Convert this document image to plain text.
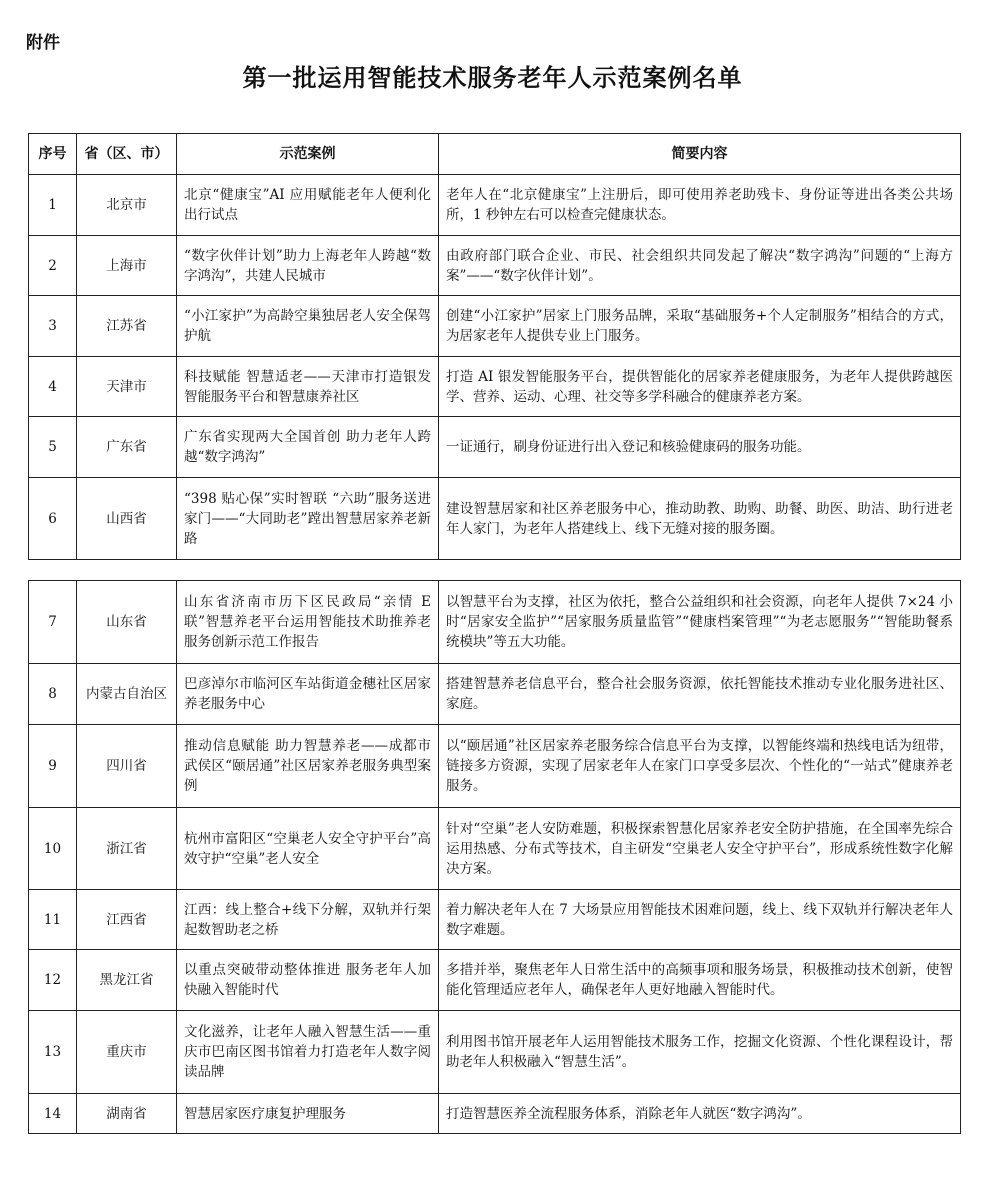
附件
第一批运用智能技术服务老年人示范案例名单
序号	省（区、市）	示范案例	简要内容
1	北京市	北京“健康宝”AI 应用赋能老年人便利化出行试点	老年人在“北京健康宝”上注册后，即可使用养老助残卡、身份证等进出各类公共场所，1 秒钟左右可以检查完健康状态。
2	上海市	“数字伙伴计划”助力上海老年人跨越“数字鸿沟”，共建人民城市	由政府部门联合企业、市民、社会组织共同发起了解决“数字鸿沟”问题的“上海方案”——“数字伙伴计划”。
3	江苏省	“小江家护”为高龄空巢独居老人安全保驾护航	创建“小江家护”居家上门服务品牌，采取“基础服务+个人定制服务”相结合的方式，为居家老年人提供专业上门服务。
4	天津市	科技赋能 智慧适老——天津市打造银发智能服务平台和智慧康养社区	打造 AI 银发智能服务平台，提供智能化的居家养老健康服务，为老年人提供跨越医学、营养、运动、心理、社交等多学科融合的健康养老方案。
5	广东省	广东省实现两大全国首创 助力老年人跨越“数字鸿沟”	一证通行，刷身份证进行出入登记和核验健康码的服务功能。
6	山西省	“398 贴心保”实时智联 “六助”服务送进家门——“大同助老”蹚出智慧居家养老新路	建设智慧居家和社区养老服务中心，推动助教、助购、助餐、助医、助洁、助行进老年人家门，为老年人搭建线上、线下无缝对接的服务圈。
7	山东省	山东省济南市历下区民政局“亲情 E 联”智慧养老平台运用智能技术助推养老服务创新示范工作报告	以智慧平台为支撑，社区为依托，整合公益组织和社会资源，向老年人提供 7×24 小时“居家安全监护”“居家服务质量监管”“健康档案管理”“为老志愿服务”“智能助餐系统模块”等五大功能。
8	内蒙古自治区	巴彦淖尔市临河区车站街道金穗社区居家养老服务中心	搭建智慧养老信息平台，整合社会服务资源，依托智能技术推动专业化服务进社区、家庭。
9	四川省	推动信息赋能 助力智慧养老——成都市武侯区“颐居通”社区居家养老服务典型案例	以“颐居通”社区居家养老服务综合信息平台为支撑，以智能终端和热线电话为纽带，链接多方资源，实现了居家老年人在家门口享受多层次、个性化的“一站式”健康养老服务。
10	浙江省	杭州市富阳区“空巢老人安全守护平台”高效守护“空巢”老人安全	针对“空巢”老人安防难题，积极探索智慧化居家养老安全防护措施，在全国率先综合运用热感、分布式等技术，自主研发“空巢老人安全守护平台”，形成系统性数字化解决方案。
11	江西省	江西：线上整合+线下分解，双轨并行架起数智助老之桥	着力解决老年人在 7 大场景应用智能技术困难问题，线上、线下双轨并行解决老年人数字难题。
12	黑龙江省	以重点突破带动整体推进 服务老年人加快融入智能时代	多措并举，聚焦老年人日常生活中的高频事项和服务场景，积极推动技术创新，使智能化管理适应老年人，确保老年人更好地融入智能时代。
13	重庆市	文化滋养，让老年人融入智慧生活——重庆市巴南区图书馆着力打造老年人数字阅读品牌	利用图书馆开展老年人运用智能技术服务工作，挖掘文化资源、个性化课程设计，帮助老年人积极融入“智慧生活”。
14	湖南省	智慧居家医疗康复护理服务	打造智慧医养全流程服务体系，消除老年人就医“数字鸿沟”。
